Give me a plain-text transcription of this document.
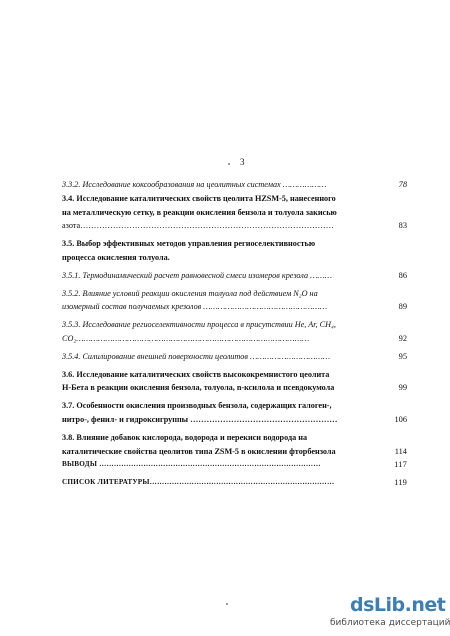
3
3.3.2. Исследование коксообразования на цеолитных системах ………………	78
3.4. Исследование каталитических свойств цеолита HZSM-5, нанесенного
на металлическую сетку, в реакции окисления бензола и толуола закисью
азота…………………………………………………………………………………	83
3.5. Выбор эффективных методов управления региоселективностью
процесса окисления толуола.
3.5.1. Термодинамический расчет равновесной смеси изомеров крезола ………	86
3.5.2. Влияние условий реакции окисления толуола под действием N₂O на
изомерный состав получаемых крезолов ……………………………………………	89
3.5.3. Исследование региоселективности процесса в присутствии He, Ar, CH₄,
CO₂……………………………………………………………………………………	92
3.5.4. Силилирование внешней поверхности цеолитов ……………………………	95
3.6. Исследование каталитических свойств высококремнистого цеолита
Н-Бета в реакции окисления бензола, толуола, n-ксилола и псевдокумола	99
3.7. Особенности окисления производных бензола, содержащих галоген-,
нитро-, фенил- и гидроксигруппы ………………………………………………	106
3.8. Влияние добавок кислорода, водорода и перекиси водорода на
каталитические свойства цеолитов типа ZSM-5 в окислении фторбензола	114
ВЫВОДЫ ………………………………………………………………………………	117
СПИСОК ЛИТЕРАТУРЫ…………………………………………………………………	119
dsLib.net
библиотека диссертаций
